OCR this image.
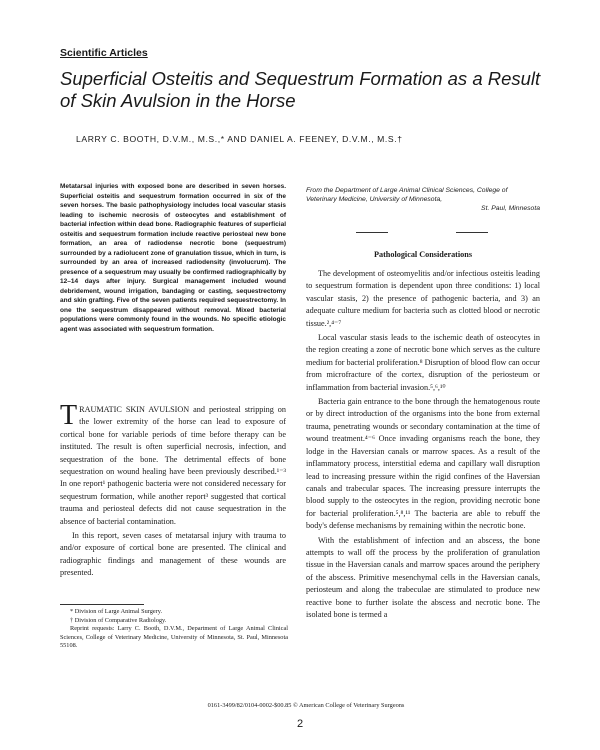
Scientific Articles
Superficial Osteitis and Sequestrum Formation as a Result of Skin Avulsion in the Horse
LARRY C. BOOTH, D.V.M., M.S.,* AND DANIEL A. FEENEY, D.V.M., M.S.†

Metatarsal injuries with exposed bone are described in seven horses. Superficial osteitis and sequestrum formation occurred in six of the seven horses. The basic pathophysiology includes local vascular stasis leading to ischemic necrosis of osteocytes and establishment of bacterial infection within dead bone. Radiographic features of superficial osteitis and sequestrum formation include reactive periosteal new bone formation, an area of radiodense necrotic bone (sequestrum) surrounded by a radiolucent zone of granulation tissue, which in turn, is surrounded by an area of increased radiodensity (involucrum). The presence of a sequestrum may usually be confirmed radiographically by 12–14 days after injury. Surgical management included wound debridement, wound irrigation, bandaging or casting, sequestrectomy and skin grafting. Five of the seven patients required sequestrectomy. In one the sequestrum disappeared without removal. Mixed bacterial populations were commonly found in the wounds. No specific etiologic agent was associated with sequestrum formation.

TRAUMATIC SKIN AVULSION and periosteal stripping on the lower extremity of the horse can lead to exposure of cortical bone for variable periods of time before therapy can be instituted. The result is often superficial necrosis, infection, and sequestration of the bone. The detrimental effects of bone sequestration on wound healing have been previously described.¹⁻³ In one report¹ pathogenic bacteria were not considered necessary for sequestrum formation, while another report³ suggested that cortical trauma and periosteal defects did not cause sequestration in the absence of bacterial contamination.

In this report, seven cases of metatarsal injury with trauma to and/or exposure of cortical bone are presented. The clinical and radiographic findings and management of these wounds are presented.

* Division of Large Animal Surgery.
† Division of Comparative Radiology.
Reprint requests: Larry C. Booth, D.V.M., Department of Large Animal Clinical Sciences, College of Veterinary Medicine, University of Minnesota, St. Paul, Minnesota 55108.
From the Department of Large Animal Clinical Sciences, College of Veterinary Medicine, University of Minnesota,
St. Paul, Minnesota
Pathological Considerations

The development of osteomyelitis and/or infectious osteitis leading to sequestrum formation is dependent upon three conditions: 1) local vascular stasis, 2) the presence of pathogenic bacteria, and 3) an adequate culture medium for bacteria such as clotted blood or necrotic tissue.²,⁴⁻⁷

Local vascular stasis leads to the ischemic death of osteocytes in the region creating a zone of necrotic bone which serves as the culture medium for bacterial proliferation.⁸ Disruption of blood flow can occur from microfracture of the cortex, disruption of the periosteum or inflammation from bacterial invasion.⁵,⁶,¹⁰

Bacteria gain entrance to the bone through the hematogenous route or by direct introduction of the organisms into the bone from external trauma, penetrating wounds or secondary contamination at the time of wound treatment.⁴⁻⁶ Once invading organisms reach the bone, they lodge in the Haversian canals or marrow spaces. As a result of the inflammatory process, interstitial edema and capillary wall disruption lead to increasing pressure within the rigid confines of the Haversian canals and trabecular spaces. The increasing pressure interrupts the blood supply to the osteocytes in the region, providing necrotic bone for bacterial proliferation.⁵,⁸,¹¹ The bacteria are able to rebuff the body's defense mechanisms by remaining within the necrotic bone.

With the establishment of infection and an abscess, the bone attempts to wall off the process by the proliferation of granulation tissue in the Haversian canals and marrow spaces around the periphery of the abscess. Primitive mesenchymal cells in the Haversian canals, periosteum and along the trabeculae are stimulated to produce new reactive bone to further isolate the abscess and necrotic bone. The isolated bone is termed a

0161-3499/82/0104-0002-$00.85 © American College of Veterinary Surgeons
2
